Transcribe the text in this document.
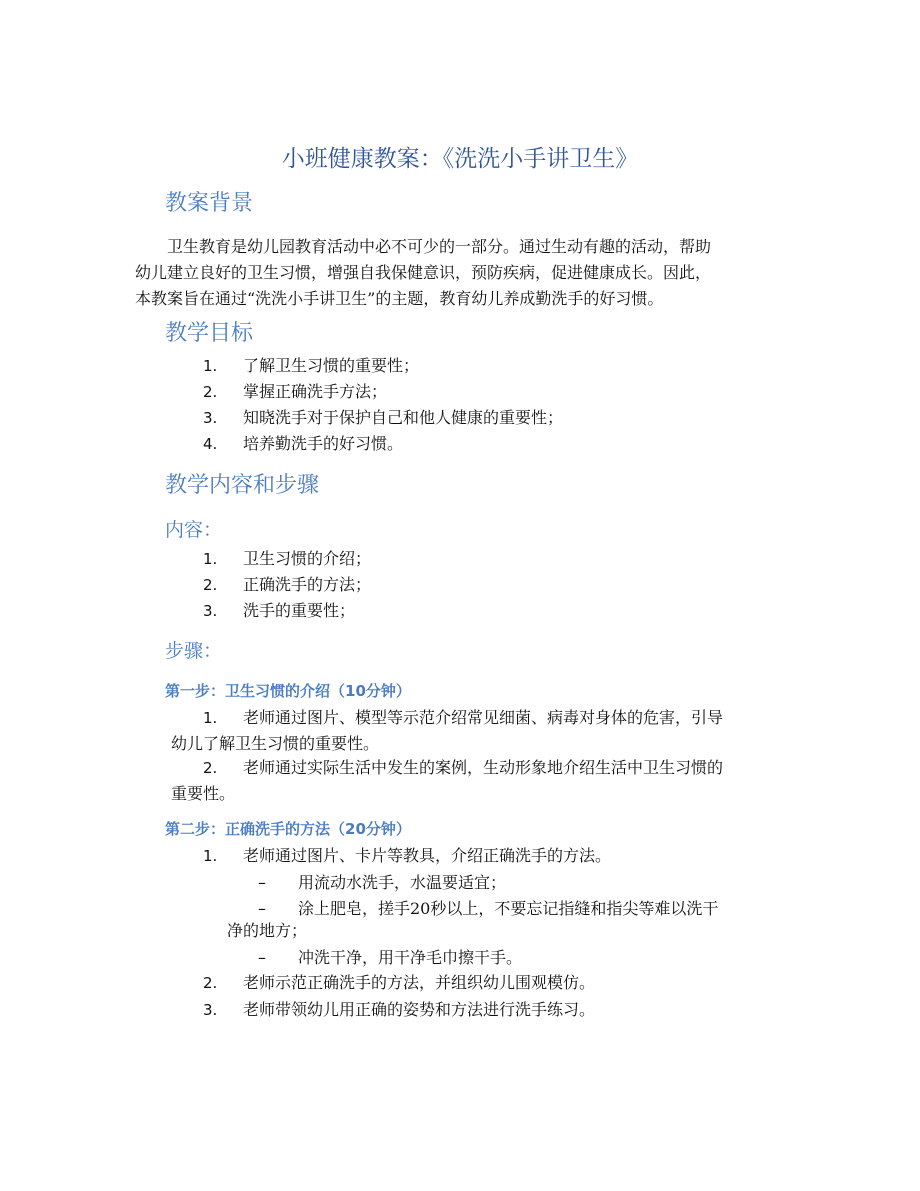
小班健康教案：《洗洗小手讲卫生》
教案背景
卫生教育是幼儿园教育活动中必不可少的一部分。通过生动有趣的活动，帮助
幼儿建立良好的卫生习惯，增强自我保健意识，预防疾病，促进健康成长。因此，
本教案旨在通过“洗洗小手讲卫生”的主题，教育幼儿养成勤洗手的好习惯。
教学目标
1. 了解卫生习惯的重要性；
2. 掌握正确洗手方法；
3. 知晓洗手对于保护自己和他人健康的重要性；
4. 培养勤洗手的好习惯。
教学内容和步骤
内容：
1. 卫生习惯的介绍；
2. 正确洗手的方法；
3. 洗手的重要性；
步骤：
第一步：卫生习惯的介绍（10分钟）
1. 老师通过图片、模型等示范介绍常见细菌、病毒对身体的危害，引导
幼儿了解卫生习惯的重要性。
2. 老师通过实际生活中发生的案例，生动形象地介绍生活中卫生习惯的
重要性。
第二步：正确洗手的方法（20分钟）
1. 老师通过图片、卡片等教具，介绍正确洗手的方法。
– 用流动水洗手，水温要适宜；
– 涂上肥皂，搓手20秒以上，不要忘记指缝和指尖等难以洗干
净的地方；
– 冲洗干净，用干净毛巾擦干手。
2. 老师示范正确洗手的方法，并组织幼儿围观模仿。
3. 老师带领幼儿用正确的姿势和方法进行洗手练习。
